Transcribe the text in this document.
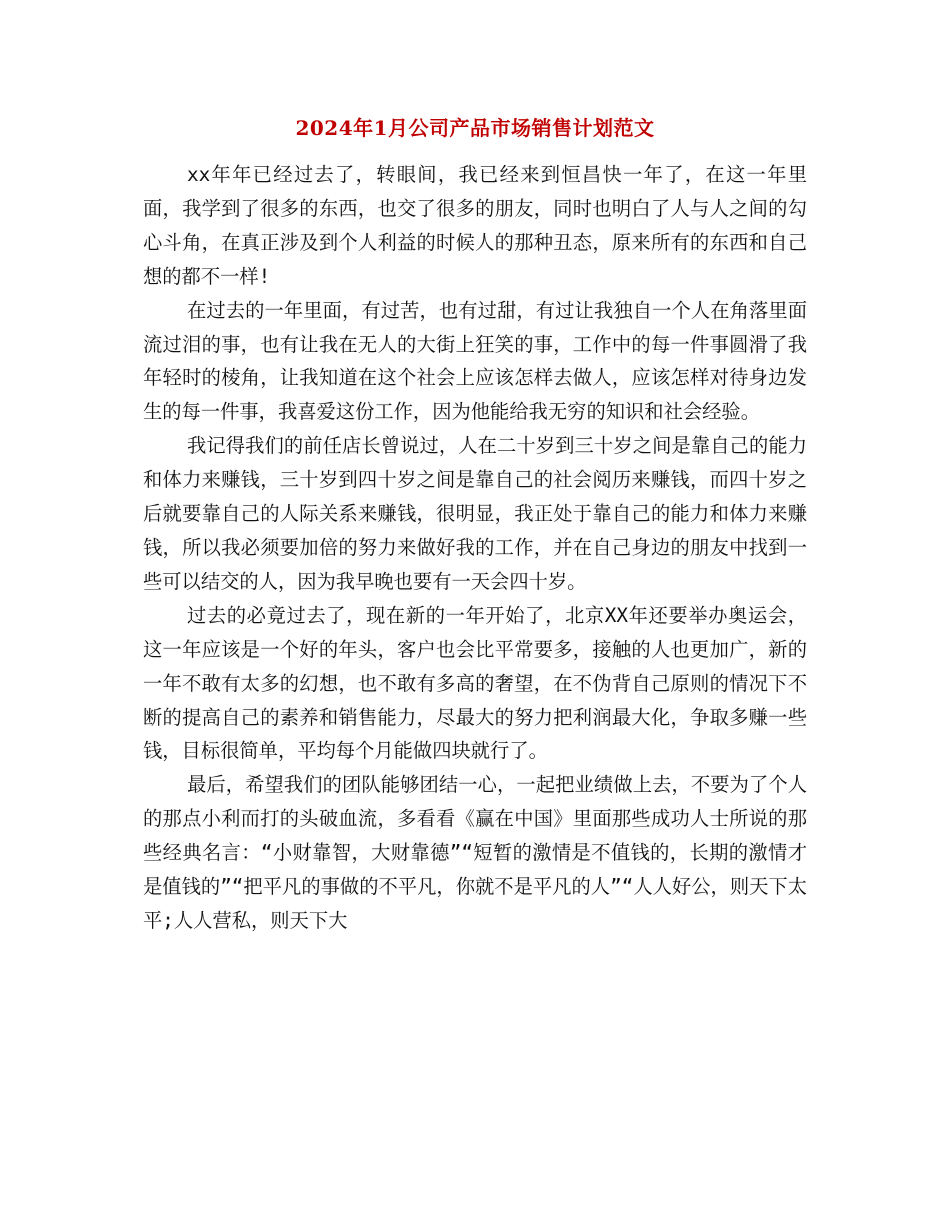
2024年1月公司产品市场销售计划范文

xx年年已经过去了，转眼间，我已经来到恒昌快一年了，在这一年里面，我学到了很多的东西，也交了很多的朋友，同时也明白了人与人之间的勾心斗角，在真正涉及到个人利益的时候人的那种丑态，原来所有的东西和自己想的都不一样!

在过去的一年里面，有过苦，也有过甜，有过让我独自一个人在角落里面流过泪的事，也有让我在无人的大街上狂笑的事，工作中的每一件事圆滑了我年轻时的棱角，让我知道在这个社会上应该怎样去做人，应该怎样对待身边发生的每一件事，我喜爱这份工作，因为他能给我无穷的知识和社会经验。

我记得我们的前任店长曾说过，人在二十岁到三十岁之间是靠自己的能力和体力来赚钱，三十岁到四十岁之间是靠自己的社会阅历来赚钱，而四十岁之后就要靠自己的人际关系来赚钱，很明显，我正处于靠自己的能力和体力来赚钱，所以我必须要加倍的努力来做好我的工作，并在自己身边的朋友中找到一些可以结交的人，因为我早晚也要有一天会四十岁。

过去的必竟过去了，现在新的一年开始了，北京XX年还要举办奥运会，这一年应该是一个好的年头，客户也会比平常要多，接触的人也更加广，新的一年不敢有太多的幻想，也不敢有多高的奢望，在不伪背自己原则的情况下不断的提高自己的素养和销售能力，尽最大的努力把利润最大化，争取多赚一些钱，目标很简单，平均每个月能做四块就行了。

最后，希望我们的团队能够团结一心，一起把业绩做上去，不要为了个人的那点小利而打的头破血流，多看看《赢在中国》里面那些成功人士所说的那些经典名言：“小财靠智，大财靠德”“短暂的激情是不值钱的，长期的激情才是值钱的”“把平凡的事做的不平凡，你就不是平凡的人”“人人好公，则天下太平;人人营私，则天下大
